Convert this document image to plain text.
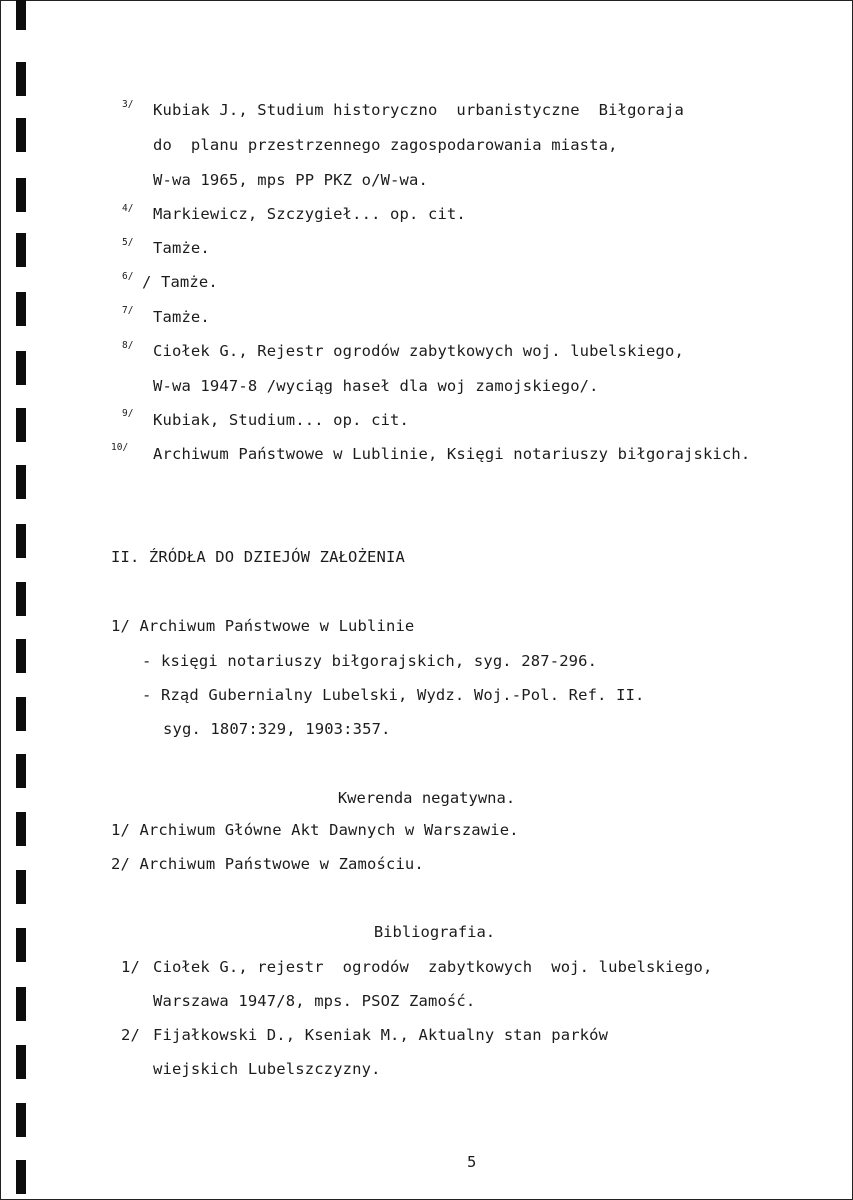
3/ Kubiak J., Studium historyczno  urbanistyczne  Biłgoraja
do  planu przestrzennego zagospodarowania miasta,
W-wa 1965, mps PP PKZ o/W-wa.
4/ Markiewicz, Szczygieł... op. cit.
5/ Tamże.
6/ / Tamże.
7/ Tamże.
8/ Ciołek G., Rejestr ogrodów zabytkowych woj. lubelskiego,
W-wa 1947-8 /wyciąg haseł dla woj zamojskiego/.
9/ Kubiak, Studium... op. cit.
10/ Archiwum Państwowe w Lublinie, Księgi notariuszy biłgorajskich.
II. ŹRÓDŁA DO DZIEJÓW ZAŁOŻENIA
1/ Archiwum Państwowe w Lublinie
- księgi notariuszy biłgorajskich, syg. 287-296.
- Rząd Gubernialny Lubelski, Wydz. Woj.-Pol. Ref. II.
syg. 1807:329, 1903:357.
Kwerenda negatywna.
1/ Archiwum Główne Akt Dawnych w Warszawie.
2/ Archiwum Państwowe w Zamościu.
Bibliografia.
1/ Ciołek G., rejestr  ogrodów  zabytkowych  woj. lubelskiego,
Warszawa 1947/8, mps. PSOZ Zamość.
2/ Fijałkowski D., Kseniak M., Aktualny stan parków
wiejskich Lubelszczyzny.
5
